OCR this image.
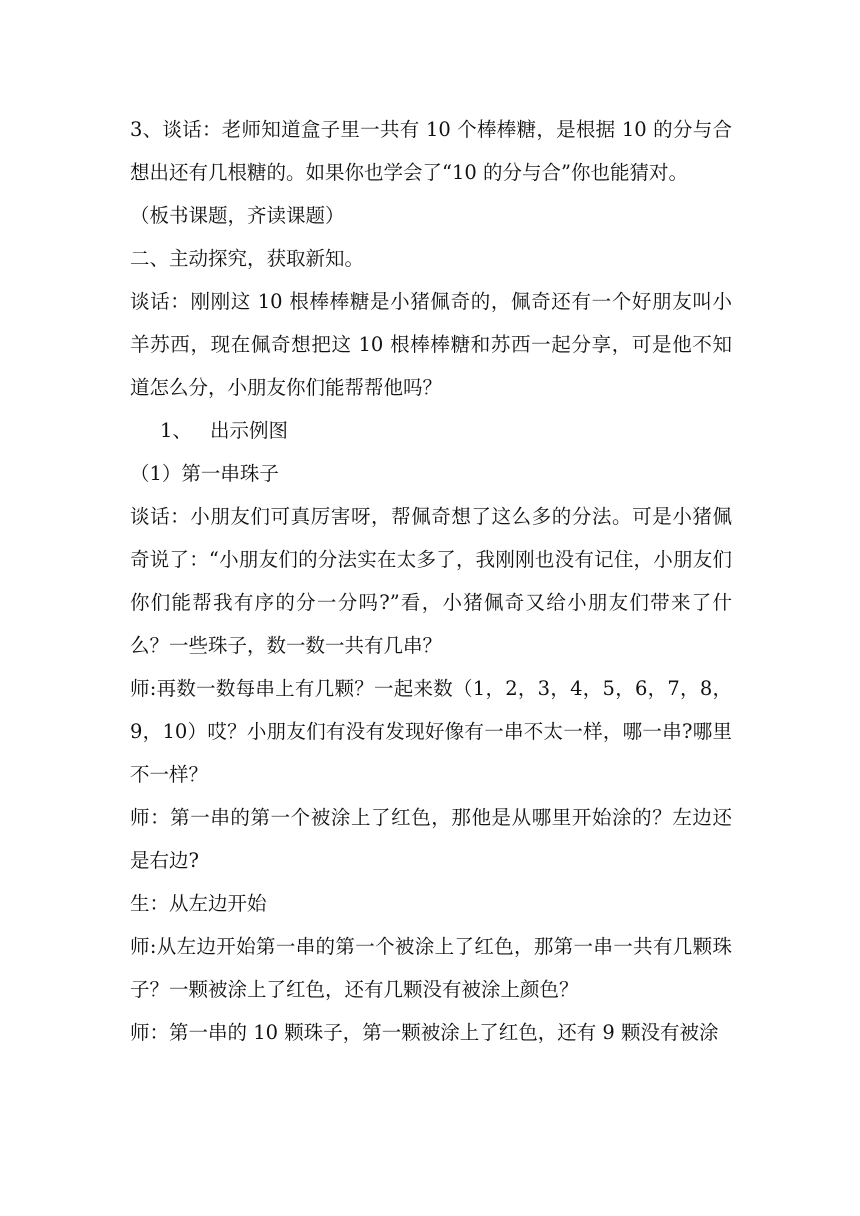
3、谈话：老师知道盒子里一共有 10 个棒棒糖，是根据 10 的分与合想出还有几根糖的。如果你也学会了“10 的分与合”你也能猜对。

（板书课题，齐读课题）

二、主动探究，获取新知。

谈话：刚刚这 10 根棒棒糖是小猪佩奇的，佩奇还有一个好朋友叫小羊苏西，现在佩奇想把这 10 根棒棒糖和苏西一起分享，可是他不知道怎么分，小朋友你们能帮帮他吗？

1、 出示例图

（1）第一串珠子

谈话：小朋友们可真厉害呀，帮佩奇想了这么多的分法。可是小猪佩奇说了：“小朋友们的分法实在太多了，我刚刚也没有记住，小朋友们你们能帮我有序的分一分吗?”看，小猪佩奇又给小朋友们带来了什么？一些珠子，数一数一共有几串？

师:再数一数每串上有几颗？一起来数（1，2，3，4，5，6，7，8，9，10）哎？小朋友们有没有发现好像有一串不太一样，哪一串?哪里不一样？

师：第一串的第一个被涂上了红色，那他是从哪里开始涂的？左边还是右边?

生：从左边开始

师:从左边开始第一串的第一个被涂上了红色，那第一串一共有几颗珠子？一颗被涂上了红色，还有几颗没有被涂上颜色？

师：第一串的 10 颗珠子，第一颗被涂上了红色，还有 9 颗没有被涂
